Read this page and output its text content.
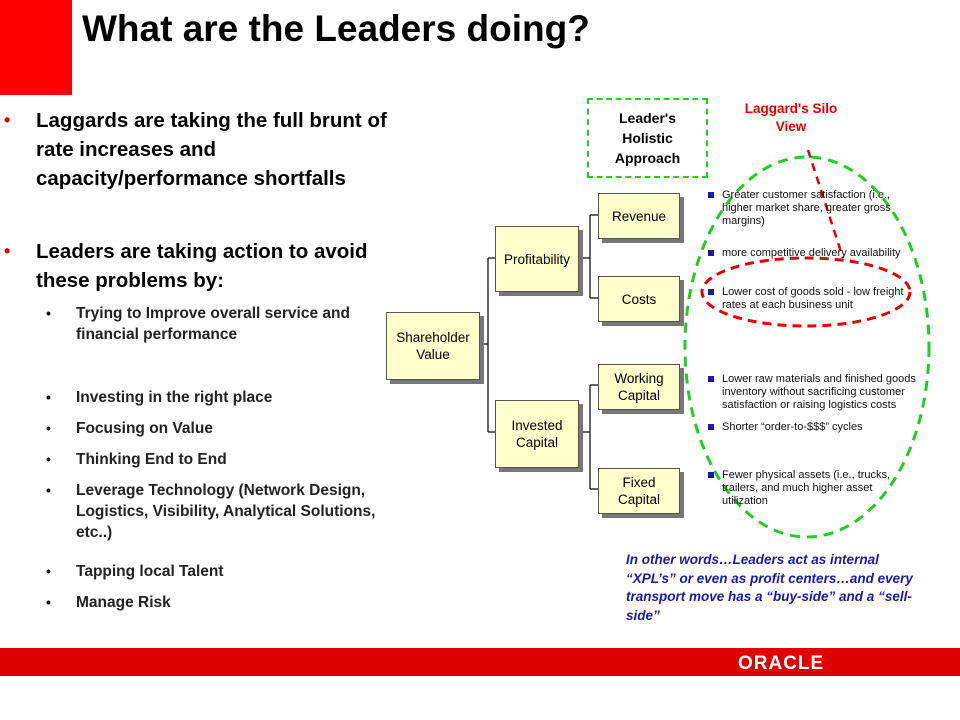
What are the Leaders doing?
• Laggards are taking the full brunt of rate increases and capacity/performance shortfalls
• Leaders are taking action to avoid these problems by:
• Trying to Improve overall service and financial performance
• Investing in the right place
• Focusing on Value
• Thinking End to End
• Leverage Technology (Network Design, Logistics, Visibility, Analytical Solutions, etc..)
• Tapping local Talent
• Manage Risk
Shareholder
Value
Profitability
Invested
Capital
Revenue
Costs
Working
Capital
Fixed
Capital
Leader's Holistic Approach
Laggard's Silo View
Greater customer satisfaction (i.e., higher market share, greater gross margins)
more competitive delivery availability
Lower cost of goods sold - low freight rates at each business unit
Lower raw materials and finished goods inventory without sacrificing customer satisfaction or raising logistics costs
Shorter “order-to-$$$” cycles
Fewer physical assets (i.e., trucks, trailers, and much higher asset utilization
In other words…Leaders act as internal “XPL’s” or even as profit centers…and every transport move has a “buy-side” and a “sell-side”
ORACLE
